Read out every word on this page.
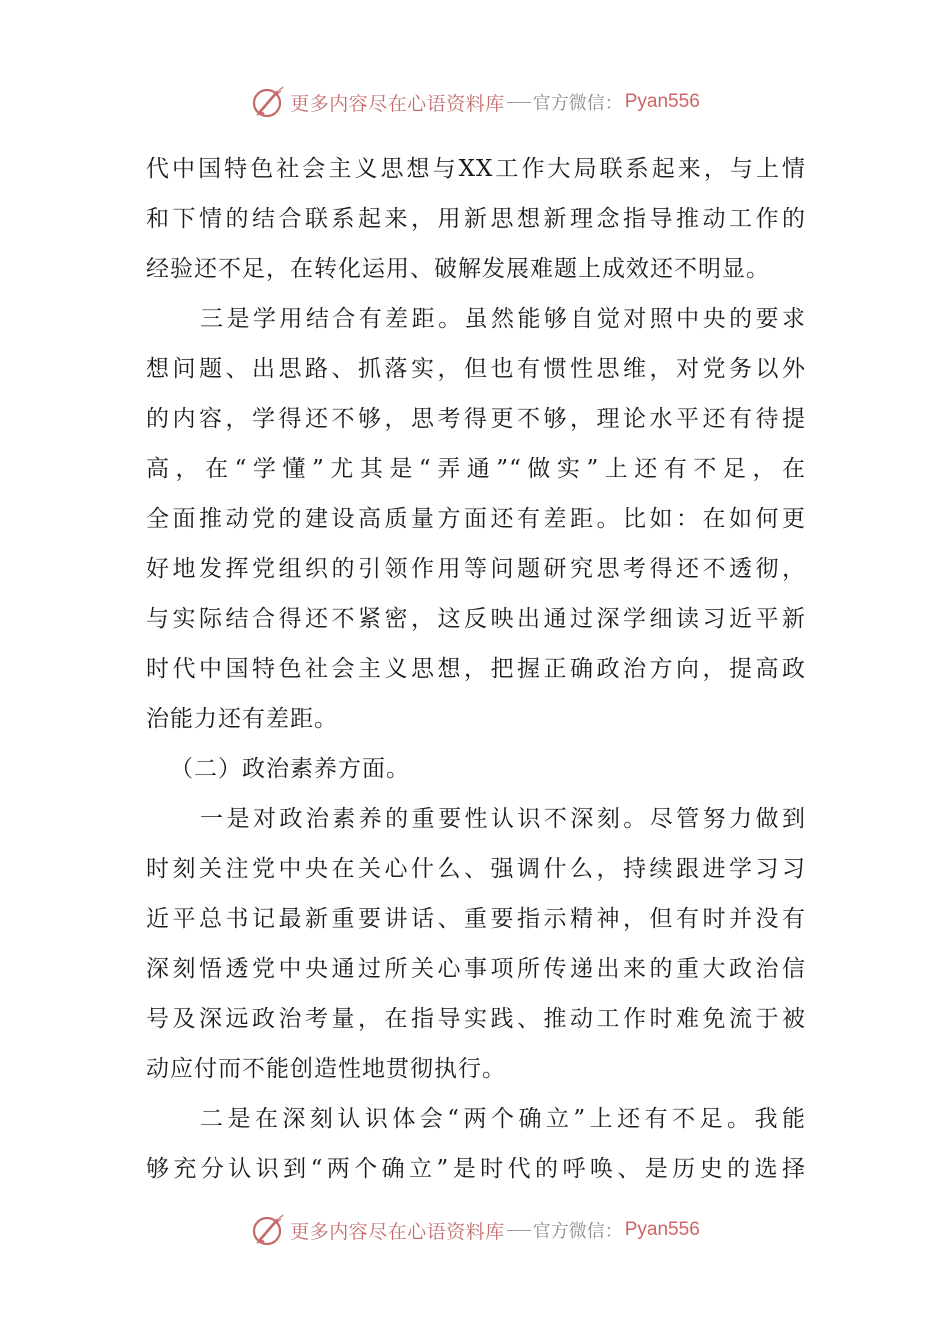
更多内容尽在心语资料库 官方微信： Pyan556
代中国特色社会主义思想与XX工作大局联系起来，与上情
和下情的结合联系起来，用新思想新理念指导推动工作的
经验还不足，在转化运用、破解发展难题上成效还不明显。
三是学用结合有差距。虽然能够自觉对照中央的要求
想问题、出思路、抓落实，但也有惯性思维，对党务以外
的内容，学得还不够，思考得更不够，理论水平还有待提
高，在“学懂”尤其是“弄通”“做实”上还有不足，在
全面推动党的建设高质量方面还有差距。比如：在如何更
好地发挥党组织的引领作用等问题研究思考得还不透彻，
与实际结合得还不紧密，这反映出通过深学细读习近平新
时代中国特色社会主义思想，把握正确政治方向，提高政
治能力还有差距。
（二）政治素养方面。
一是对政治素养的重要性认识不深刻。尽管努力做到
时刻关注党中央在关心什么、强调什么，持续跟进学习习
近平总书记最新重要讲话、重要指示精神，但有时并没有
深刻悟透党中央通过所关心事项所传递出来的重大政治信
号及深远政治考量，在指导实践、推动工作时难免流于被
动应付而不能创造性地贯彻执行。
二是在深刻认识体会“两个确立”上还有不足。我能
够充分认识到“两个确立”是时代的呼唤、是历史的选择
更多内容尽在心语资料库 官方微信： Pyan556
